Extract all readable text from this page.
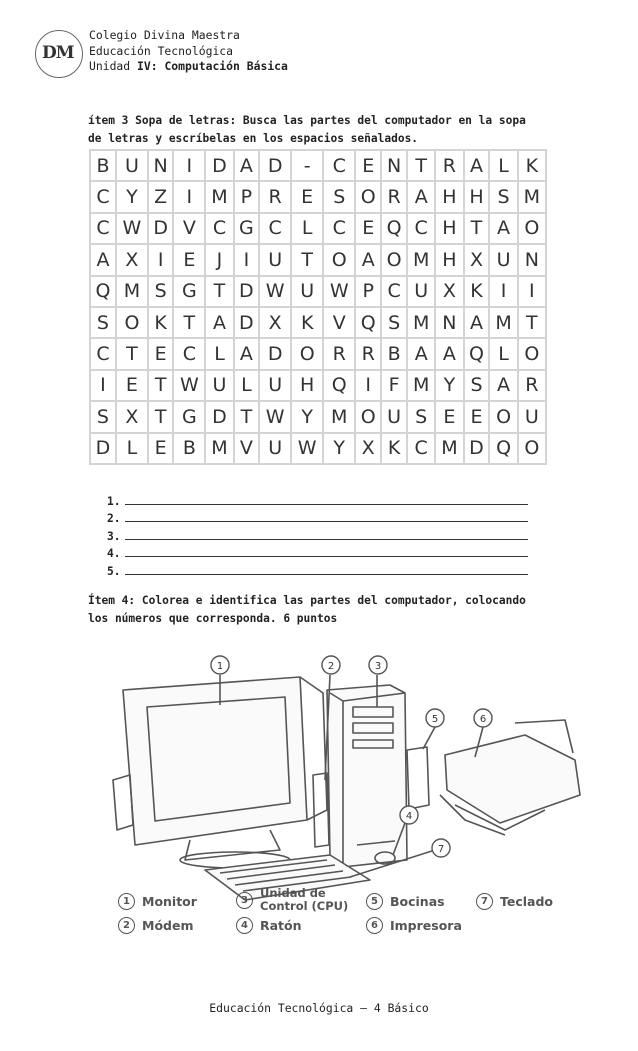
DM
Colegio Divina Maestra
Educación Tecnológica
Unidad IV: Computación Básica
ítem 3 Sopa de letras: Busca las partes del computador en la sopa
de letras y escríbelas en los espacios señalados.
B	U	N	I	D	A	D	-	C	E	N	T	R	A	L	K
C	Y	Z	I	M	P	R	E	S	O	R	A	H	H	S	M
C	W	D	V	C	G	C	L	C	E	Q	C	H	T	A	O
A	X	I	E	J	I	U	T	O	A	O	M	H	X	U	N
Q	M	S	G	T	D	W	U	W	P	C	U	X	K	I	I
S	O	K	T	A	D	X	K	V	Q	S	M	N	A	M	T
C	T	E	C	L	A	D	O	R	R	B	A	A	Q	L	O
I	E	T	W	U	L	U	H	Q	I	F	M	Y	S	A	R
S	X	T	G	D	T	W	Y	M	O	U	S	E	E	O	U
D	L	E	B	M	V	U	W	Y	X	K	C	M	D	Q	O
1.
2.
3.
4.
5.
Ítem 4: Colorea e identifica las partes del computador, colocando
los números que corresponda. 6 puntos
1	2	3
4
5	6
7
1 Monitor
2 Módem
3	Unidad de Control (CPU)
4 Ratón
5 Bocinas
6 Impresora
7 Teclado
Educación Tecnológica – 4 Básico
